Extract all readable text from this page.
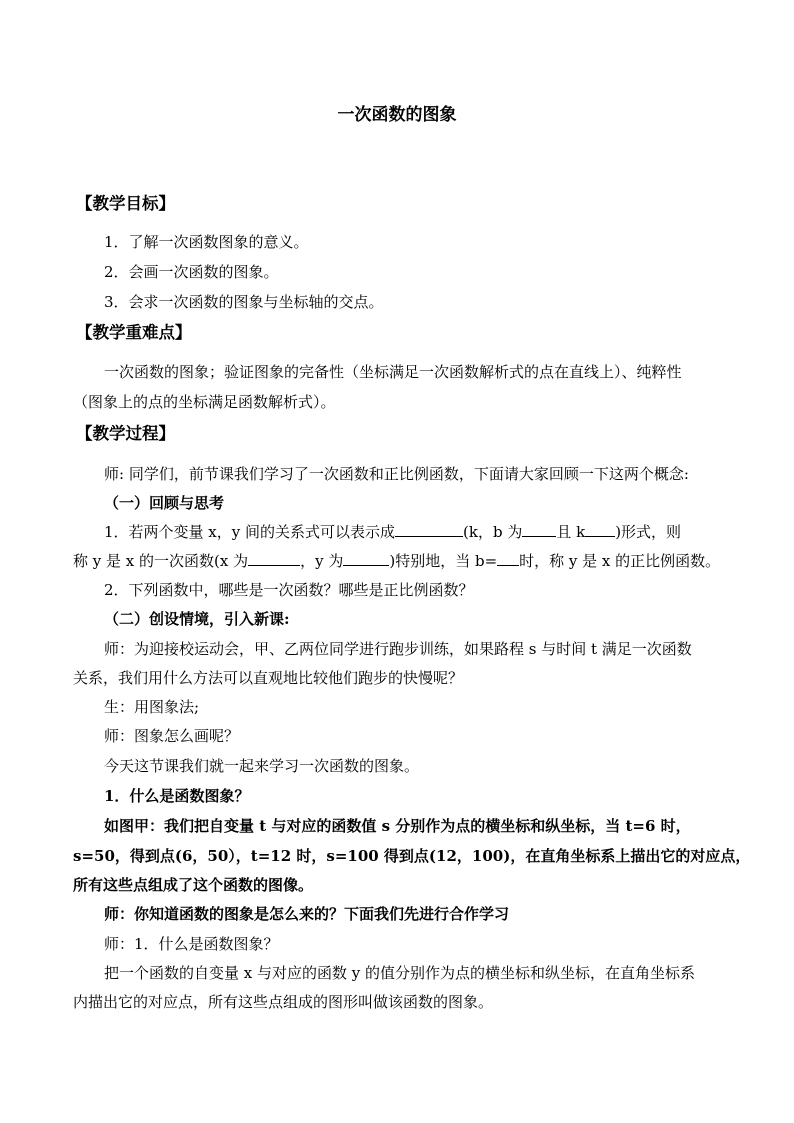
一次函数的图象
【教学目标】
1．了解一次函数图象的意义。
2．会画一次函数的图象。
3．会求一次函数的图象与坐标轴的交点。
【教学重难点】
一次函数的图象；验证图象的完备性（坐标满足一次函数解析式的点在直线上）、纯粹性
（图象上的点的坐标满足函数解析式）。
【教学过程】
师: 同学们，前节课我们学习了一次函数和正比例函数，下面请大家回顾一下这两个概念:
（一）回顾与思考
1．若两个变量 x，y 间的关系式可以表示成	(k，b 为 且 k )形式，则
称 y 是 x 的一次函数(x 为	，y 为	)特别地，当 b= 时，称 y 是 x 的正比例函数。
2．下列函数中，哪些是一次函数？哪些是正比例函数？
（二）创设情境，引入新课:
师：为迎接校运动会，甲、乙两位同学进行跑步训练，如果路程 s 与时间 t 满足一次函数
关系，我们用什么方法可以直观地比较他们跑步的快慢呢？
生：用图象法;
师：图象怎么画呢？
今天这节课我们就一起来学习一次函数的图象。
1．什么是函数图象？
如图甲：我们把自变量 t 与对应的函数值 s 分别作为点的横坐标和纵坐标，当 t=6 时，
s=50，得到点(6，50），t=12 时，s=100 得到点(12，100)，在直角坐标系上描出它的对应点，
所有这些点组成了这个函数的图像。
师：你知道函数的图象是怎么来的？下面我们先进行合作学习
师：1．什么是函数图象？
把一个函数的自变量 x 与对应的函数 y 的值分别作为点的横坐标和纵坐标，在直角坐标系
内描出它的对应点，所有这些点组成的图形叫做该函数的图象。
